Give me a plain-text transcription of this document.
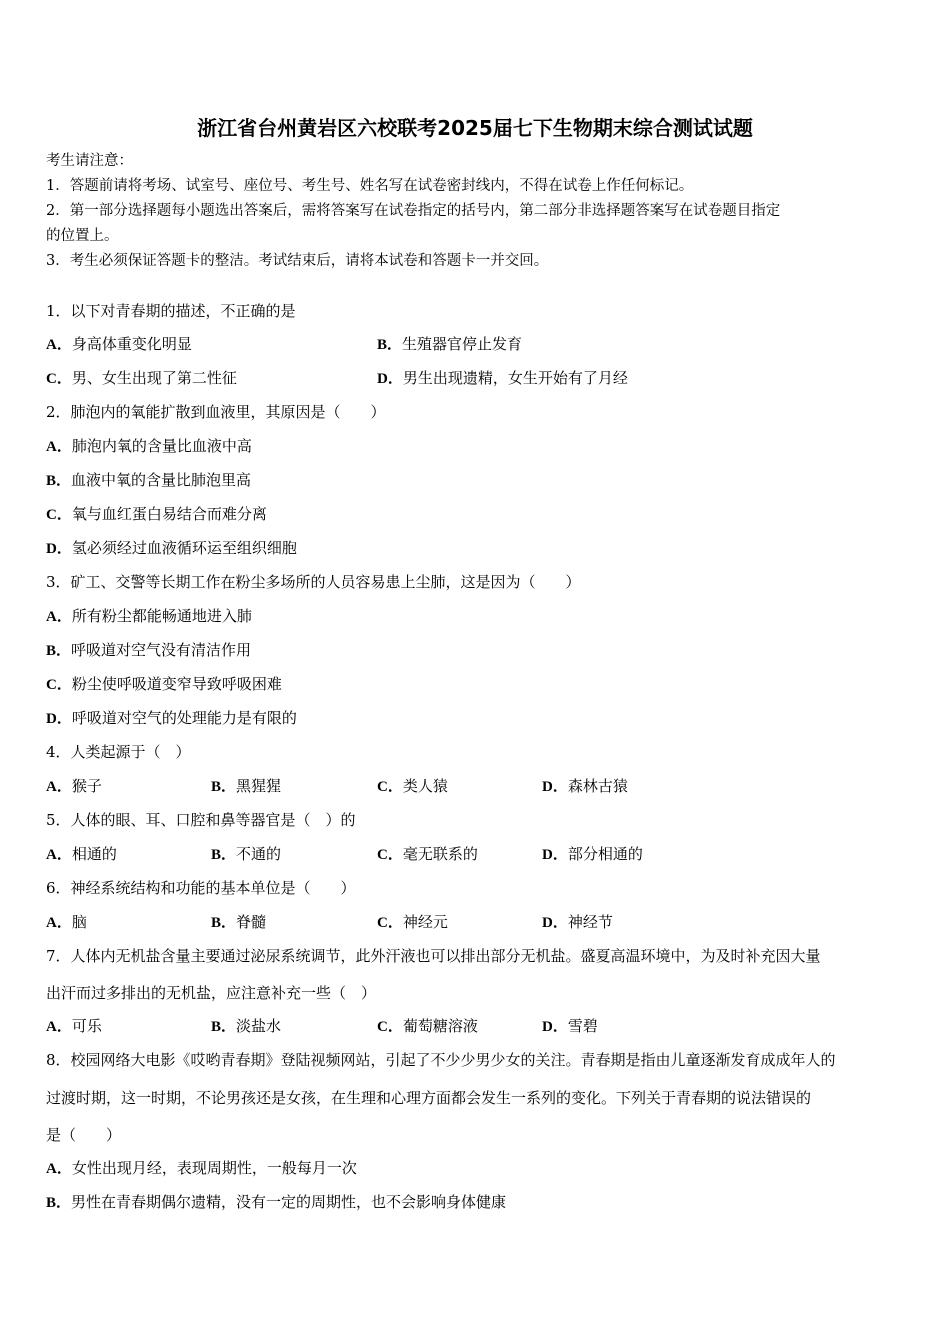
浙江省台州黄岩区六校联考2025届七下生物期末综合测试试题
考生请注意：
1．答题前请将考场、试室号、座位号、考生号、姓名写在试卷密封线内，不得在试卷上作任何标记。
2．第一部分选择题每小题选出答案后，需将答案写在试卷指定的括号内，第二部分非选择题答案写在试卷题目指定
的位置上。
3．考生必须保证答题卡的整洁。考试结束后，请将本试卷和答题卡一并交回。
1．以下对青春期的描述，不正确的是
A．身高体重变化明显	B．生殖器官停止发育
C．男、女生出现了第二性征	D．男生出现遗精，女生开始有了月经
2．肺泡内的氧能扩散到血液里，其原因是（　　）
A．肺泡内氧的含量比血液中高
B．血液中氧的含量比肺泡里高
C．氧与血红蛋白易结合而难分离
D．氢必须经过血液循环运至组织细胞
3．矿工、交警等长期工作在粉尘多场所的人员容易患上尘肺，这是因为（　　）
A．所有粉尘都能畅通地进入肺
B．呼吸道对空气没有清洁作用
C．粉尘使呼吸道变窄导致呼吸困难
D．呼吸道对空气的处理能力是有限的
4．人类起源于（　）
A．猴子	B．黑猩猩	C．类人猿	D．森林古猿
5．人体的眼、耳、口腔和鼻等器官是（　）的
A．相通的	B．不通的	C．毫无联系的	D．部分相通的
6．神经系统结构和功能的基本单位是（　　）
A．脑	B．脊髓	C．神经元	D．神经节
7．人体内无机盐含量主要通过泌尿系统调节，此外汗液也可以排出部分无机盐。盛夏高温环境中，为及时补充因大量
出汗而过多排出的无机盐，应注意补充一些（　）
A．可乐	B．淡盐水	C．葡萄糖溶液	D．雪碧
8．校园网络大电影《哎哟青春期》登陆视频网站，引起了不少少男少女的关注。青春期是指由儿童逐渐发育成成年人的
过渡时期，这一时期，不论男孩还是女孩，在生理和心理方面都会发生一系列的变化。下列关于青春期的说法错误的
是（　　）
A．女性出现月经，表现周期性，一般每月一次
B．男性在青春期偶尔遗精，没有一定的周期性，也不会影响身体健康
